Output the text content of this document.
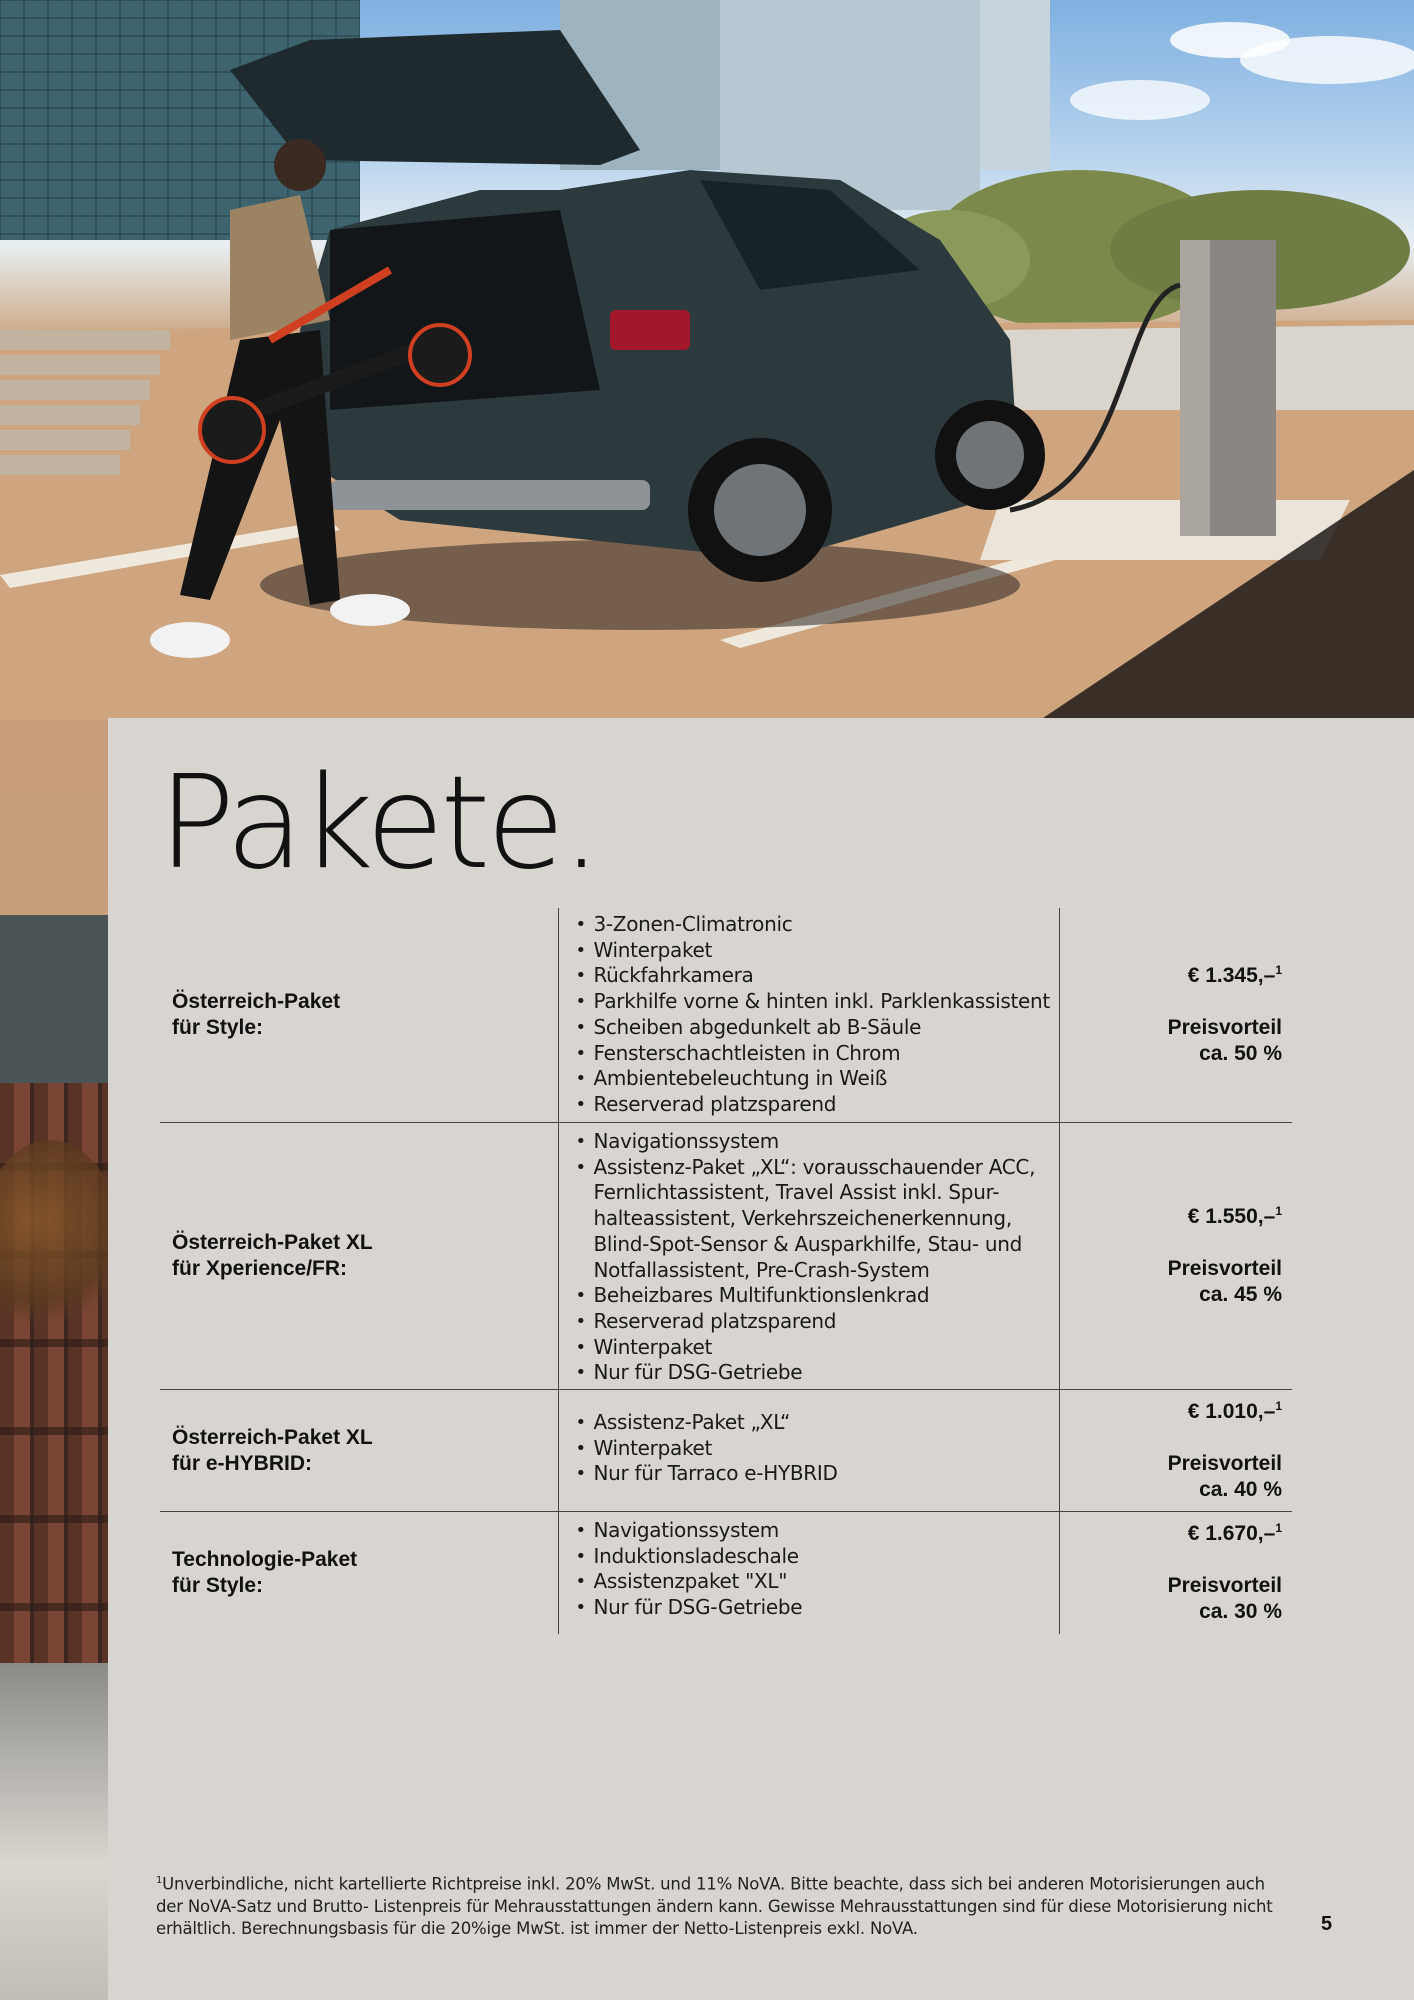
Pakete.
Österreich-Paket
für Style:
• 3-Zonen-Climatronic
• Winterpaket
• Rückfahrkamera
• Parkhilfe vorne & hinten inkl. Parklenkassistent
• Scheiben abgedunkelt ab B-Säule
• Fensterschachtleisten in Chrom
• Ambientebeleuchtung in Weiß
• Reserverad platzsparend
€ 1.345,–$^1$
Preisvorteil
ca. 50 %
Österreich-Paket XL
für Xperience/FR:
• Navigationssystem
• Assistenz-Paket „XL“: vorausschauender ACC, Fernlichtassistent, Travel Assist inkl. Spur-halteassistent, Verkehrszeichenerkennung, Blind-Spot-Sensor & Ausparkhilfe, Stau- und Notfallassistent, Pre-Crash-System
• Beheizbares Multifunktionslenkrad
• Reserverad platzsparend
• Winterpaket
• Nur für DSG-Getriebe
€ 1.550,–$^1$
Preisvorteil
ca. 45 %
Österreich-Paket XL
für e-HYBRID:
• Assistenz-Paket „XL“
• Winterpaket
• Nur für Tarraco e-HYBRID
€ 1.010,–$^1$
Preisvorteil
ca. 40 %
Technologie-Paket
für Style:
• Navigationssystem
• Induktionsladeschale
• Assistenzpaket "XL"
• Nur für DSG-Getriebe
€ 1.670,–$^1$
Preisvorteil
ca. 30 %
$^1$Unverbindliche, nicht kartellierte Richtpreise inkl. 20% MwSt. und 11% NoVA. Bitte beachte, dass sich bei anderen Motorisierungen auch der NoVA-Satz und Brutto- Listenpreis für Mehrausstattungen ändern kann. Gewisse Mehrausstattungen sind für diese Motorisierung nicht erhältlich. Berechnungsbasis für die 20%ige MwSt. ist immer der Netto-Listenpreis exkl. NoVA.	5
